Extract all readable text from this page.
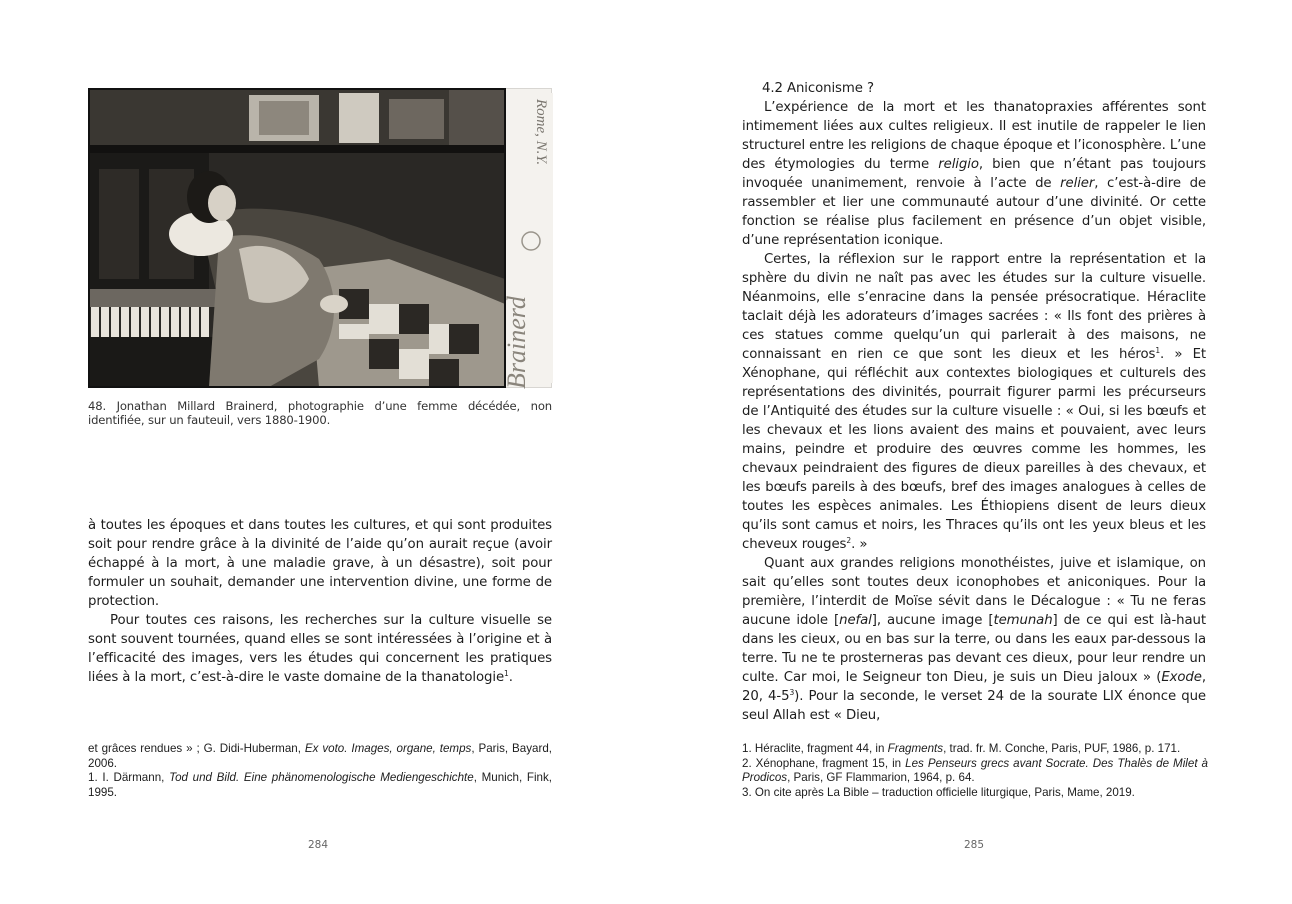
Rome, N.Y.
Brainerd
48. Jonathan Millard Brainerd, photographie d’une femme décédée, non identifiée, sur un fauteuil, vers 1880-1900.

à toutes les époques et dans toutes les cultures, et qui sont produites soit pour rendre grâce à la divinité de l’aide qu’on aurait reçue (avoir échappé à la mort, à une maladie grave, à un désastre), soit pour formuler un souhait, demander une intervention divine, une forme de protection.

Pour toutes ces raisons, les recherches sur la culture visuelle se sont souvent tournées, quand elles se sont intéressées à l’origine et à l’efficacité des images, vers les études qui concernent les pratiques liées à la mort, c’est-à-dire le vaste domaine de la thanatologie$^1$.

et grâces rendues » ; G. Didi-Huberman, Ex voto. Images, organe, temps, Paris, Bayard, 2006.

1. I. Därmann, Tod und Bild. Eine phänomenologische Mediengeschichte, Munich, Fink, 1995.

284

4.2 Aniconisme ?

L’expérience de la mort et les thanatopraxies afférentes sont intimement liées aux cultes religieux. Il est inutile de rappeler le lien structurel entre les religions de chaque époque et l’iconosphère. L’une des étymologies du terme religio, bien que n’étant pas toujours invoquée unanimement, renvoie à l’acte de relier, c’est-à-dire de rassembler et lier une communauté autour d’une divinité. Or cette fonction se réalise plus facilement en présence d’un objet visible, d’une représentation iconique.

Certes, la réflexion sur le rapport entre la représentation et la sphère du divin ne naît pas avec les études sur la culture visuelle. Néanmoins, elle s’enracine dans la pensée présocratique. Héraclite taclait déjà les adorateurs d’images sacrées : « Ils font des prières à ces statues comme quelqu’un qui parlerait à des maisons, ne connaissant en rien ce que sont les dieux et les héros$^1$. » Et Xénophane, qui réfléchit aux contextes biologiques et culturels des représentations des divinités, pourrait figurer parmi les précurseurs de l’Antiquité des études sur la culture visuelle : « Oui, si les bœufs et les chevaux et les lions avaient des mains et pouvaient, avec leurs mains, peindre et produire des œuvres comme les hommes, les chevaux peindraient des figures de dieux pareilles à des chevaux, et les bœufs pareils à des bœufs, bref des images analogues à celles de toutes les espèces animales. Les Éthiopiens disent de leurs dieux qu’ils sont camus et noirs, les Thraces qu’ils ont les yeux bleus et les cheveux rouges$^2$. »

Quant aux grandes religions monothéistes, juive et islamique, on sait qu’elles sont toutes deux iconophobes et aniconiques. Pour la première, l’interdit de Moïse sévit dans le Décalogue : « Tu ne feras aucune idole [nefal], aucune image [temunah] de ce qui est là-haut dans les cieux, ou en bas sur la terre, ou dans les eaux par-dessous la terre. Tu ne te prosterneras pas devant ces dieux, pour leur rendre un culte. Car moi, le Seigneur ton Dieu, je suis un Dieu jaloux » (Exode, 20, $4-5^3$). Pour la seconde, le verset 24 de la sourate LIX énonce que seul Allah est « Dieu,

1. Héraclite, fragment 44, in Fragments, trad. fr. M. Conche, Paris, PUF, 1986, p. 171.

2. Xénophane, fragment 15, in Les Penseurs grecs avant Socrate. Des Thalès de Milet à Prodicos, Paris, GF Flammarion, 1964, p. 64.

3. On cite après La Bible – traduction officielle liturgique, Paris, Mame, 2019.

285
